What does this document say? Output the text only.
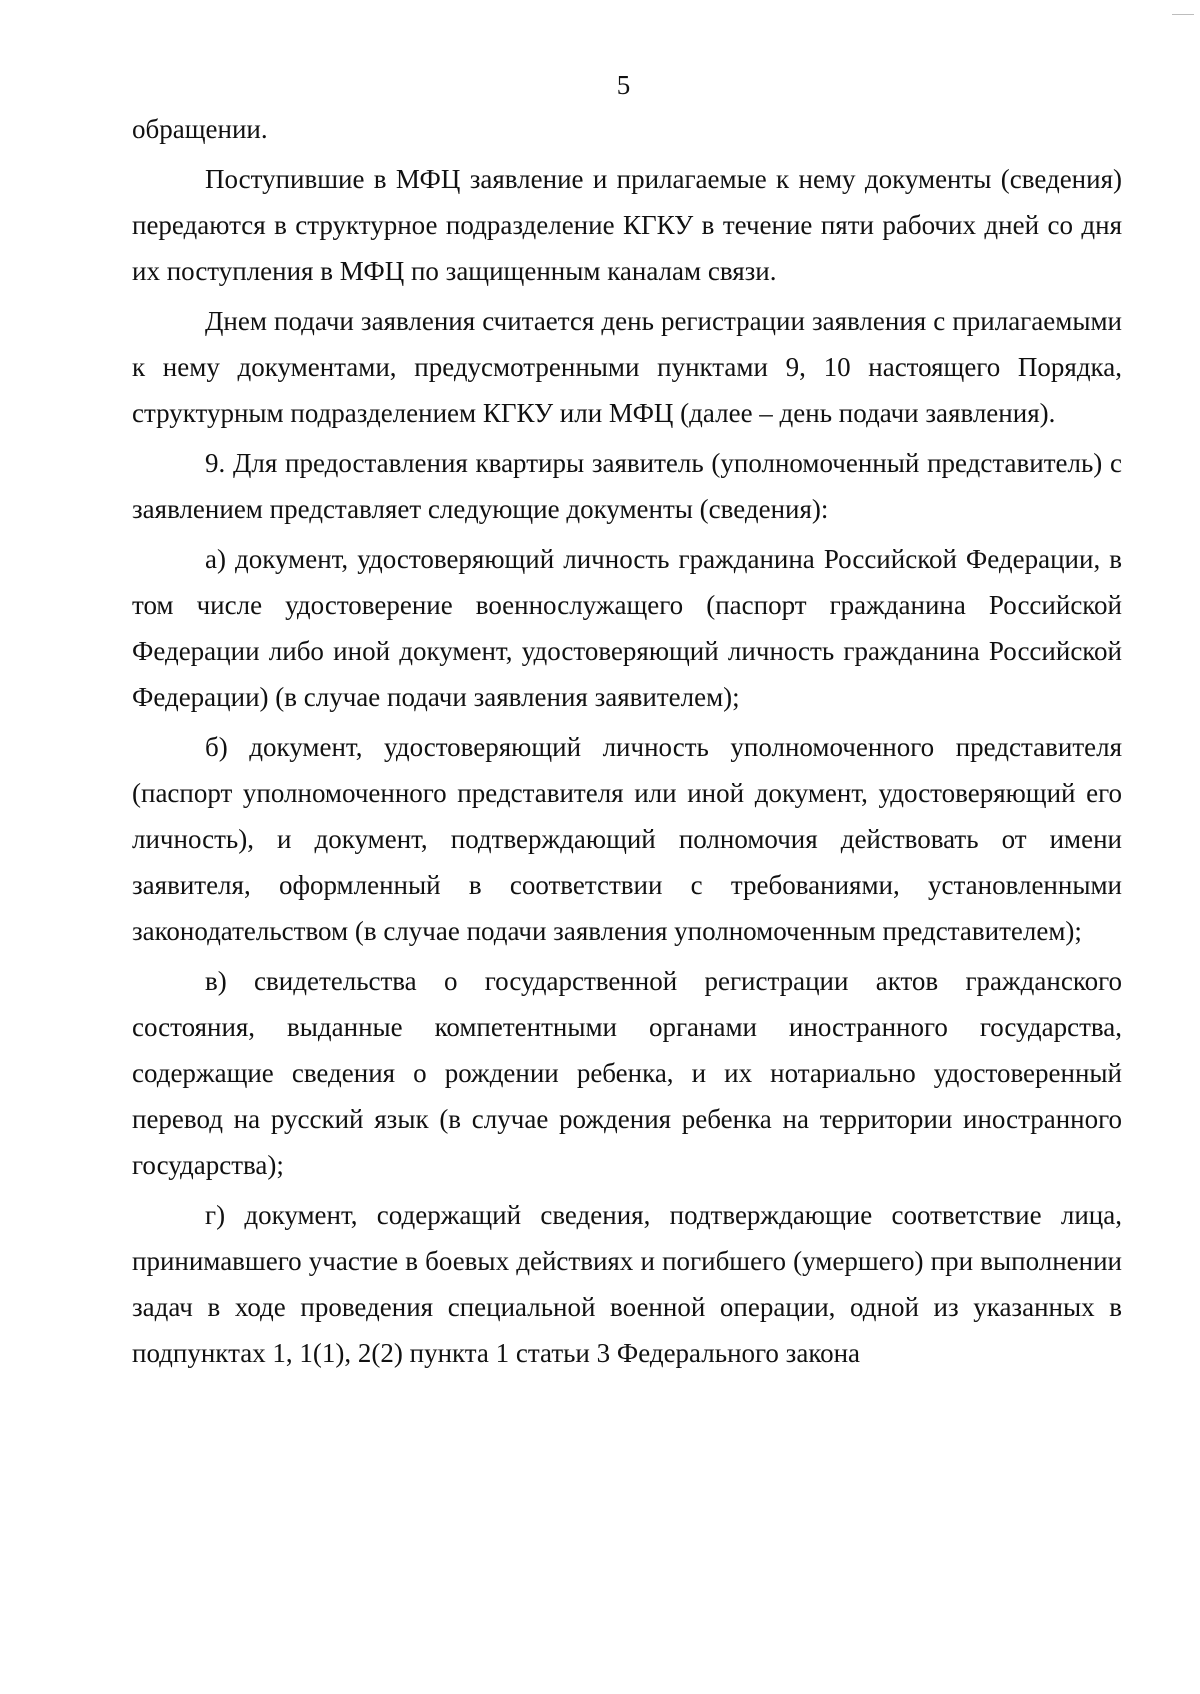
5

обращении.

Поступившие в МФЦ заявление и прилагаемые к нему документы (сведения) передаются в структурное подразделение КГКУ в течение пяти рабочих дней со дня их поступления в МФЦ по защищенным каналам связи.

Днем подачи заявления считается день регистрации заявления с прилагаемыми к нему документами, предусмотренными пунктами 9, 10 настоящего Порядка, структурным подразделением КГКУ или МФЦ (далее – день подачи заявления).

9. Для предоставления квартиры заявитель (уполномоченный представитель) с заявлением представляет следующие документы (сведения):

а) документ, удостоверяющий личность гражданина Российской Федерации, в том числе удостоверение военнослужащего (паспорт гражданина Российской Федерации либо иной документ, удостоверяющий личность гражданина Российской Федерации) (в случае подачи заявления заявителем);

б) документ, удостоверяющий личность уполномоченного представителя (паспорт уполномоченного представителя или иной документ, удостоверяющий его личность), и документ, подтверждающий полномочия действовать от имени заявителя, оформленный в соответствии с требованиями, установленными законодательством (в случае подачи заявления уполномоченным представителем);

в) свидетельства о государственной регистрации актов гражданского состояния, выданные компетентными органами иностранного государства, содержащие сведения о рождении ребенка, и их нотариально удостоверенный перевод на русский язык (в случае рождения ребенка на территории иностранного государства);

г) документ, содержащий сведения, подтверждающие соответствие лица, принимавшего участие в боевых действиях и погибшего (умершего) при выполнении задач в ходе проведения специальной военной операции, одной из указанных в подпунктах 1, 1(1), 2(2) пункта 1 статьи 3 Федерального закона
